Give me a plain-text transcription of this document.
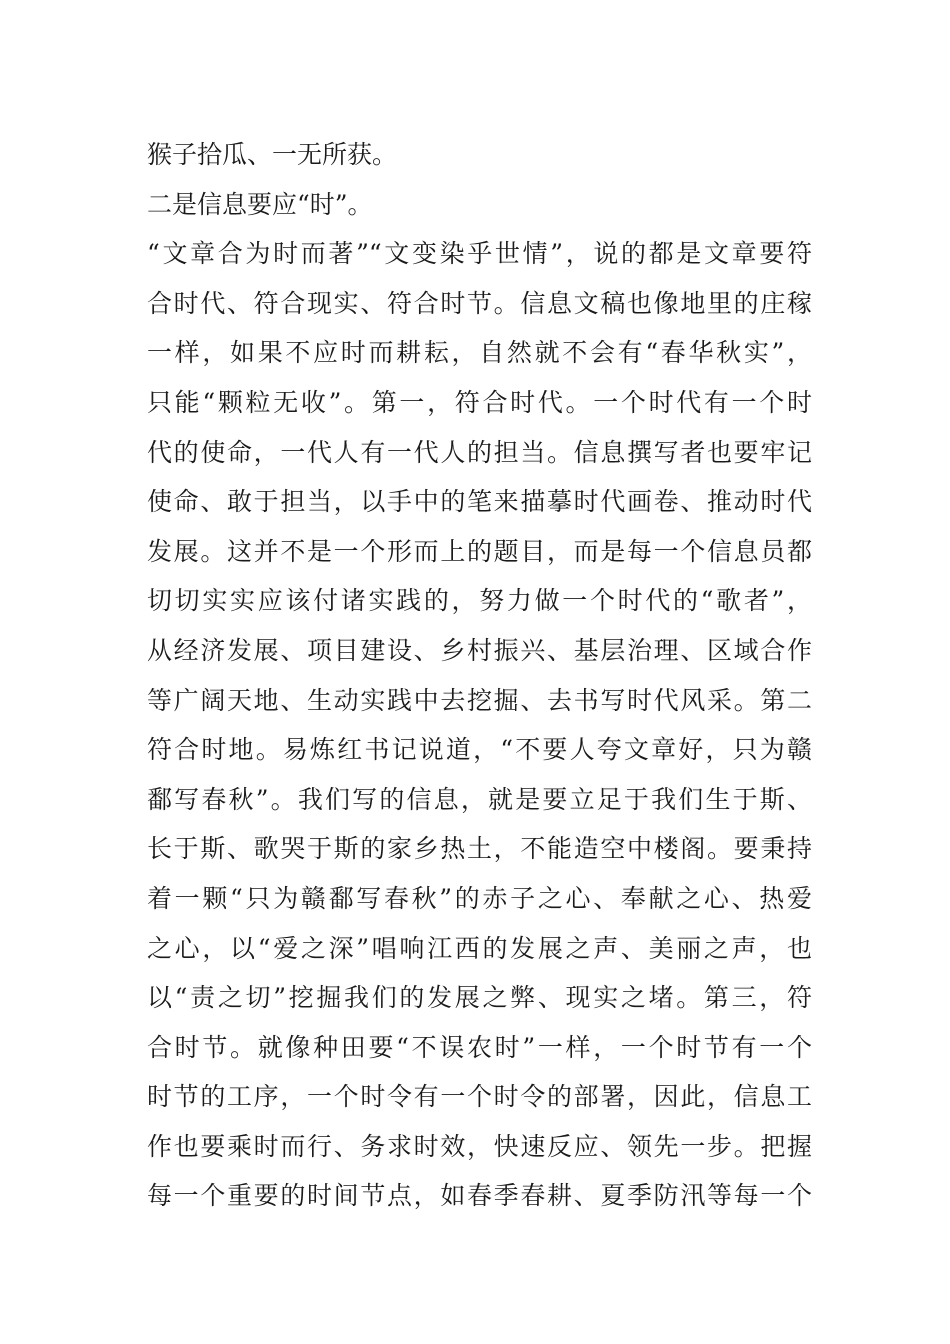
猴子拾瓜、一无所获。
二是信息要应“时”。
“文章合为时而著”“文变染乎世情”，说的都是文章要符
合时代、符合现实、符合时节。信息文稿也像地里的庄稼
一样，如果不应时而耕耘，自然就不会有“春华秋实”，
只能“颗粒无收”。第一，符合时代。一个时代有一个时
代的使命，一代人有一代人的担当。信息撰写者也要牢记
使命、敢于担当，以手中的笔来描摹时代画卷、推动时代
发展。这并不是一个形而上的题目，而是每一个信息员都
切切实实应该付诸实践的，努力做一个时代的“歌者”，
从经济发展、项目建设、乡村振兴、基层治理、区域合作
等广阔天地、生动实践中去挖掘、去书写时代风采。第二
符合时地。易炼红书记说道，“不要人夸文章好，只为赣
鄱写春秋”。我们写的信息，就是要立足于我们生于斯、
长于斯、歌哭于斯的家乡热土，不能造空中楼阁。要秉持
着一颗“只为赣鄱写春秋”的赤子之心、奉献之心、热爱
之心，以“爱之深”唱响江西的发展之声、美丽之声，也
以“责之切”挖掘我们的发展之弊、现实之堵。第三，符
合时节。就像种田要“不误农时”一样，一个时节有一个
时节的工序，一个时令有一个时令的部署，因此，信息工
作也要乘时而行、务求时效，快速反应、领先一步。把握
每一个重要的时间节点，如春季春耕、夏季防汛等每一个
